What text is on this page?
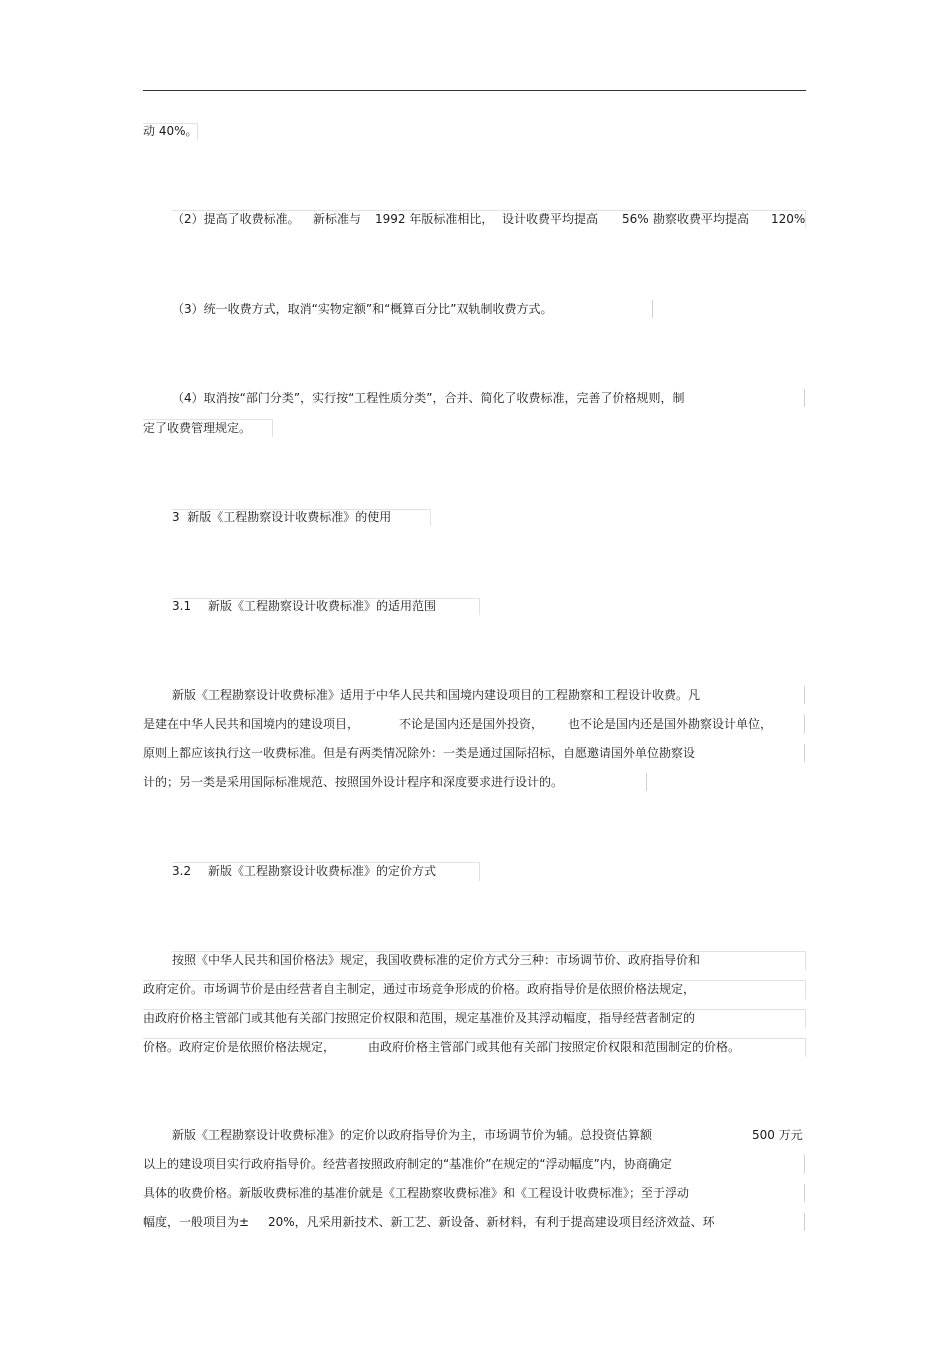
动 40%。
（2）提高了收费标准。 新标准与 1992 年版标准相比， 设计收费平均提高 56% 勘察收费平均提高 120%
（3）统一收费方式，取消“实物定额”和“概算百分比”双轨制收费方式。
（4）取消按“部门分类”，实行按“工程性质分类”，合并、简化了收费标准，完善了价格规则，制
定了收费管理规定。
3  新版《工程勘察设计收费标准》的使用
3.1 新版《工程勘察设计收费标准》的适用范围
新版《工程勘察设计收费标准》适用于中华人民共和国境内建设项目的工程勘察和工程设计收费。凡
是建在中华人民共和国境内的建设项目，	不论是国内还是国外投资， 也不论是国内还是国外勘察设计单位，
原则上都应该执行这一收费标准。但是有两类情况除外：一类是通过国际招标，自愿邀请国外单位勘察设
计的；另一类是采用国际标准规范、按照国外设计程序和深度要求进行设计的。
3.2 新版《工程勘察设计收费标准》的定价方式
按照《中华人民共和国价格法》规定，我国收费标准的定价方式分三种：市场调节价、政府指导价和
政府定价。市场调节价是由经营者自主制定，通过市场竞争形成的价格。政府指导价是依照价格法规定，
由政府价格主管部门或其他有关部门按照定价权限和范围，规定基准价及其浮动幅度，指导经营者制定的
价格。政府定价是依照价格法规定，	由政府价格主管部门或其他有关部门按照定价权限和范围制定的价格。
新版《工程勘察设计收费标准》的定价以政府指导价为主，市场调节价为辅。总投资估算额	500 万元
以上的建设项目实行政府指导价。经营者按照政府制定的“基准价”在规定的“浮动幅度”内，协商确定
具体的收费价格。新版收费标准的基准价就是《工程勘察收费标准》和《工程设计收费标准》；至于浮动
幅度，一般项目为± 20%，凡采用新技术、新工艺、新设备、新材料，有利于提高建设项目经济效益、环
